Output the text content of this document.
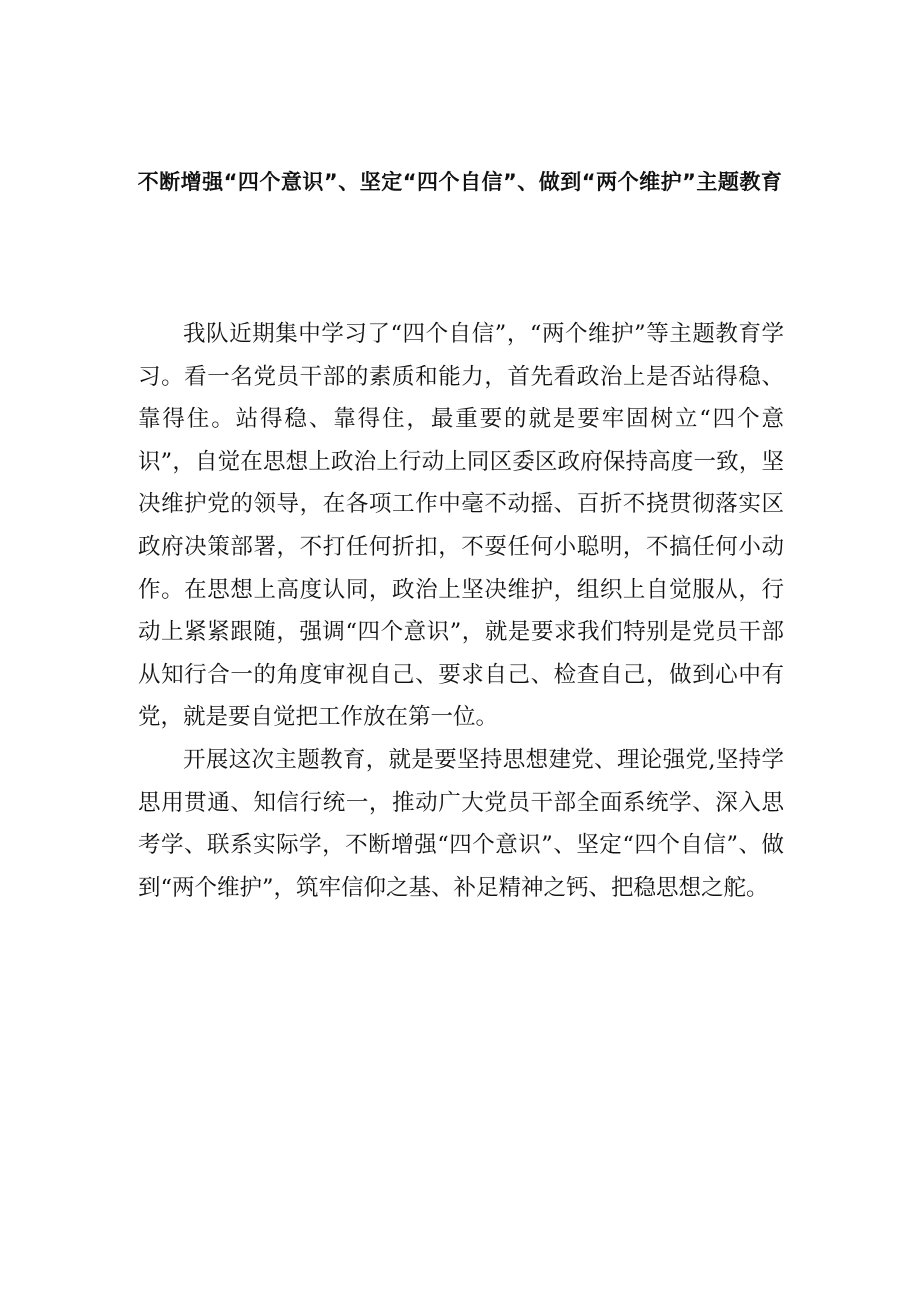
不断增强“四个意识”、坚定“四个自信”、做到“两个维护”主题教育

我队近期集中学习了“四个自信”，“两个维护”等主题教育学习。看一名党员干部的素质和能力，首先看政治上是否站得稳、靠得住。站得稳、靠得住，最重要的就是要牢固树立“四个意识”，自觉在思想上政治上行动上同区委区政府保持高度一致，坚决维护党的领导，在各项工作中毫不动摇、百折不挠贯彻落实区政府决策部署，不打任何折扣，不耍任何小聪明，不搞任何小动作。在思想上高度认同，政治上坚决维护，组织上自觉服从，行动上紧紧跟随，强调“四个意识”，就是要求我们特别是党员干部从知行合一的角度审视自己、要求自己、检查自己，做到心中有党，就是要自觉把工作放在第一位。

开展这次主题教育，就是要坚持思想建党、理论强党,坚持学思用贯通、知信行统一，推动广大党员干部全面系统学、深入思考学、联系实际学，不断增强“四个意识”、坚定“四个自信”、做到“两个维护”，筑牢信仰之基、补足精神之钙、把稳思想之舵。
